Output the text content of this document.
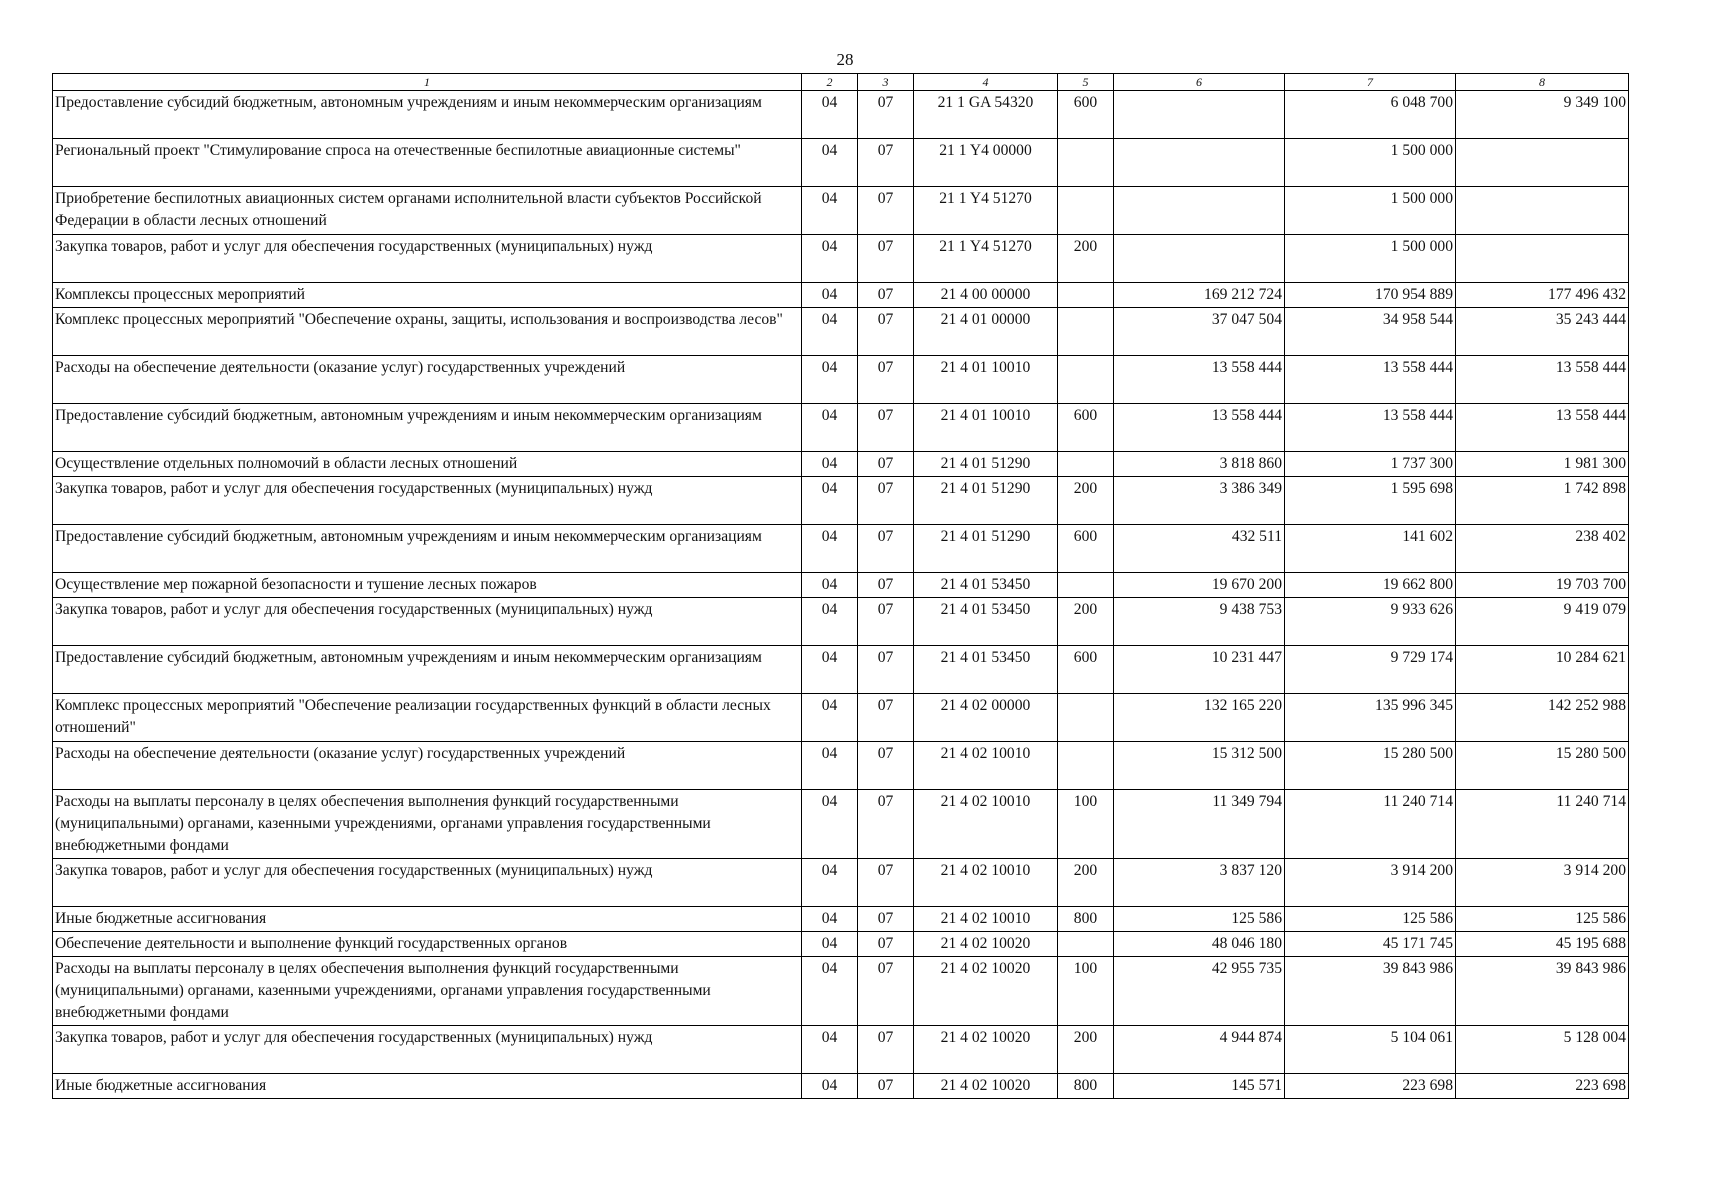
28
1	2	3	4	5	6	7	8
Предоставление субсидий бюджетным, автономным учреждениям и иным некоммерческим организациям	04	07	21 1 GA 54320	600		6 048 700	9 349 100
Региональный проект "Стимулирование спроса на отечественные беспилотные авиационные системы"	04	07	21 1 Y4 00000			1 500 000	
Приобретение беспилотных авиационных систем органами исполнительной власти субъектов Российской Федерации в области лесных отношений	04	07	21 1 Y4 51270			1 500 000	
Закупка товаров, работ и услуг для обеспечения государственных (муниципальных) нужд	04	07	21 1 Y4 51270	200		1 500 000	
Комплексы процессных мероприятий	04	07	21 4 00 00000		169 212 724	170 954 889	177 496 432
Комплекс процессных мероприятий "Обеспечение охраны, защиты, использования и воспроизводства лесов"	04	07	21 4 01 00000		37 047 504	34 958 544	35 243 444
Расходы на обеспечение деятельности (оказание услуг) государственных учреждений	04	07	21 4 01 10010		13 558 444	13 558 444	13 558 444
Предоставление субсидий бюджетным, автономным учреждениям и иным некоммерческим организациям	04	07	21 4 01 10010	600	13 558 444	13 558 444	13 558 444
Осуществление отдельных полномочий в области лесных отношений	04	07	21 4 01 51290		3 818 860	1 737 300	1 981 300
Закупка товаров, работ и услуг для обеспечения государственных (муниципальных) нужд	04	07	21 4 01 51290	200	3 386 349	1 595 698	1 742 898
Предоставление субсидий бюджетным, автономным учреждениям и иным некоммерческим организациям	04	07	21 4 01 51290	600	432 511	141 602	238 402
Осуществление мер пожарной безопасности и тушение лесных пожаров	04	07	21 4 01 53450		19 670 200	19 662 800	19 703 700
Закупка товаров, работ и услуг для обеспечения государственных (муниципальных) нужд	04	07	21 4 01 53450	200	9 438 753	9 933 626	9 419 079
Предоставление субсидий бюджетным, автономным учреждениям и иным некоммерческим организациям	04	07	21 4 01 53450	600	10 231 447	9 729 174	10 284 621
Комплекс процессных мероприятий "Обеспечение реализации государственных функций в области лесных отношений"	04	07	21 4 02 00000		132 165 220	135 996 345	142 252 988
Расходы на обеспечение деятельности (оказание услуг) государственных учреждений	04	07	21 4 02 10010		15 312 500	15 280 500	15 280 500
Расходы на выплаты персоналу в целях обеспечения выполнения функций государственными (муниципальными) органами, казенными учреждениями, органами управления государственными внебюджетными фондами	04	07	21 4 02 10010	100	11 349 794	11 240 714	11 240 714
Закупка товаров, работ и услуг для обеспечения государственных (муниципальных) нужд	04	07	21 4 02 10010	200	3 837 120	3 914 200	3 914 200
Иные бюджетные ассигнования	04	07	21 4 02 10010	800	125 586	125 586	125 586
Обеспечение деятельности и выполнение функций государственных органов	04	07	21 4 02 10020		48 046 180	45 171 745	45 195 688
Расходы на выплаты персоналу в целях обеспечения выполнения функций государственными (муниципальными) органами, казенными учреждениями, органами управления государственными внебюджетными фондами	04	07	21 4 02 10020	100	42 955 735	39 843 986	39 843 986
Закупка товаров, работ и услуг для обеспечения государственных (муниципальных) нужд	04	07	21 4 02 10020	200	4 944 874	5 104 061	5 128 004
Иные бюджетные ассигнования	04	07	21 4 02 10020	800	145 571	223 698	223 698
